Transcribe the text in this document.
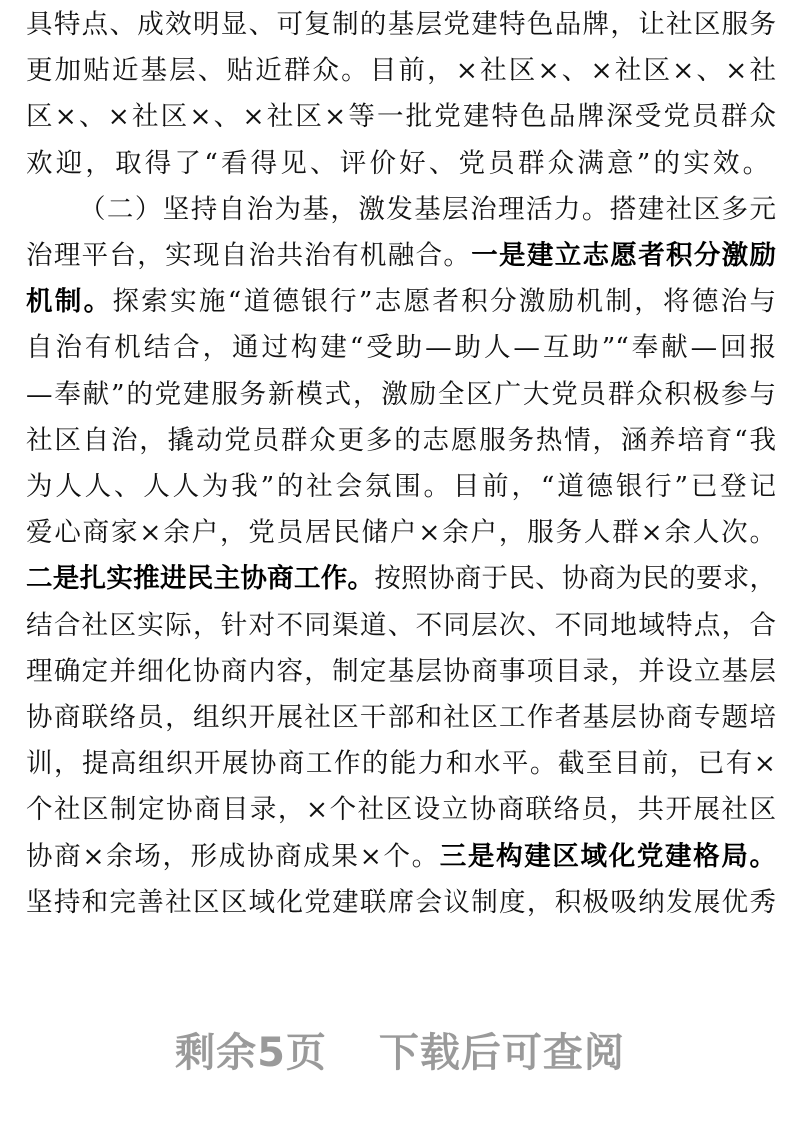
具特点、成效明显、可复制的基层党建特色品牌，让社区服务
更加贴近基层、贴近群众。目前，×社区×、×社区×、×社
区×、×社区×、×社区×等一批党建特色品牌深受党员群众
欢迎，取得了“看得见、评价好、党员群众满意”的实效。
（二）坚持自治为基，激发基层治理活力。搭建社区多元
治理平台，实现自治共治有机融合。一是建立志愿者积分激励
机制。探索实施“道德银行”志愿者积分激励机制，将德治与
自治有机结合，通过构建“受助—助人—互助”“奉献—回报
—奉献”的党建服务新模式，激励全区广大党员群众积极参与
社区自治，撬动党员群众更多的志愿服务热情，涵养培育“我
为人人、人人为我”的社会氛围。目前，“道德银行”已登记
爱心商家×余户，党员居民储户×余户，服务人群×余人次。
二是扎实推进民主协商工作。按照协商于民、协商为民的要求，
结合社区实际，针对不同渠道、不同层次、不同地域特点，合
理确定并细化协商内容，制定基层协商事项目录，并设立基层
协商联络员，组织开展社区干部和社区工作者基层协商专题培
训，提高组织开展协商工作的能力和水平。截至目前，已有×
个社区制定协商目录，×个社区设立协商联络员，共开展社区
协商×余场，形成协商成果×个。三是构建区域化党建格局。
坚持和完善社区区域化党建联席会议制度，积极吸纳发展优秀
剩余5页 下载后可查阅
